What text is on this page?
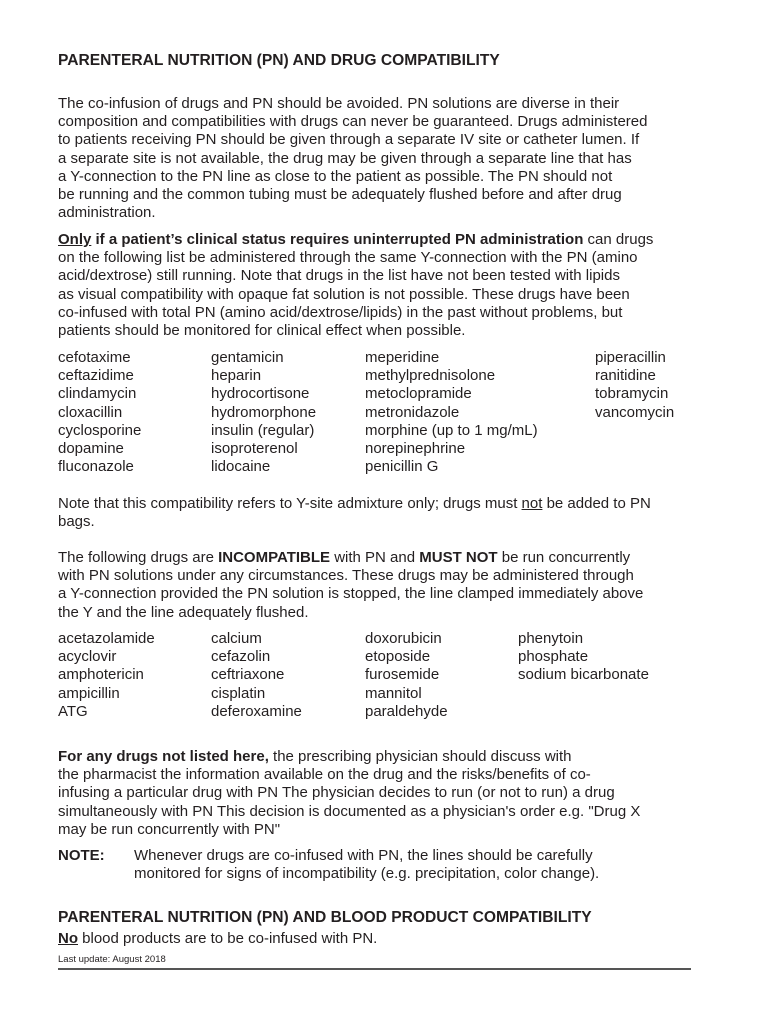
PARENTERAL NUTRITION (PN) AND DRUG COMPATIBILITY
The co-infusion of drugs and PN should be avoided. PN solutions are diverse in their
composition and compatibilities with drugs can never be guaranteed. Drugs administered
to patients receiving PN should be given through a separate IV site or catheter lumen. If
a separate site is not available, the drug may be given through a separate line that has
a Y-connection to the PN line as close to the patient as possible. The PN should not
be running and the common tubing must be adequately flushed before and after drug
administration.
Only if a patient’s clinical status requires uninterrupted PN administration can drugs
on the following list be administered through the same Y-connection with the PN (amino
acid/dextrose) still running. Note that drugs in the list have not been tested with lipids
as visual compatibility with opaque fat solution is not possible. These drugs have been
co-infused with total PN (amino acid/dextrose/lipids) in the past without problems, but
patients should be monitored for clinical effect when possible.
cefotaxime
ceftazidime
clindamycin
cloxacillin
cyclosporine
dopamine
fluconazole
gentamicin
heparin
hydrocortisone
hydromorphone
insulin (regular)
isoproterenol
lidocaine
meperidine
methylprednisolone
metoclopramide
metronidazole
morphine (up to 1 mg/mL)
norepinephrine
penicillin G
piperacillin
ranitidine
tobramycin
vancomycin
Note that this compatibility refers to Y-site admixture only; drugs must not be added to PN
bags.
The following drugs are INCOMPATIBLE with PN and MUST NOT be run concurrently
with PN solutions under any circumstances. These drugs may be administered through
a Y-connection provided the PN solution is stopped, the line clamped immediately above
the Y and the line adequately flushed.
acetazolamide
acyclovir
amphotericin
ampicillin
ATG
calcium
cefazolin
ceftriaxone
cisplatin
deferoxamine
doxorubicin
etoposide
furosemide
mannitol
paraldehyde
phenytoin
phosphate
sodium bicarbonate
For any drugs not listed here, the prescribing physician should discuss with
the pharmacist the information available on the drug and the risks/benefits of co-
infusing a particular drug with PN The physician decides to run (or not to run) a drug
simultaneously with PN This decision is documented as a physician's order e.g. "Drug X
may be run concurrently with PN"
NOTE: Whenever drugs are co-infused with PN, the lines should be carefully
monitored for signs of incompatibility (e.g. precipitation, color change).
PARENTERAL NUTRITION (PN) AND BLOOD PRODUCT COMPATIBILITY
No blood products are to be co-infused with PN.
Last update: August 2018
